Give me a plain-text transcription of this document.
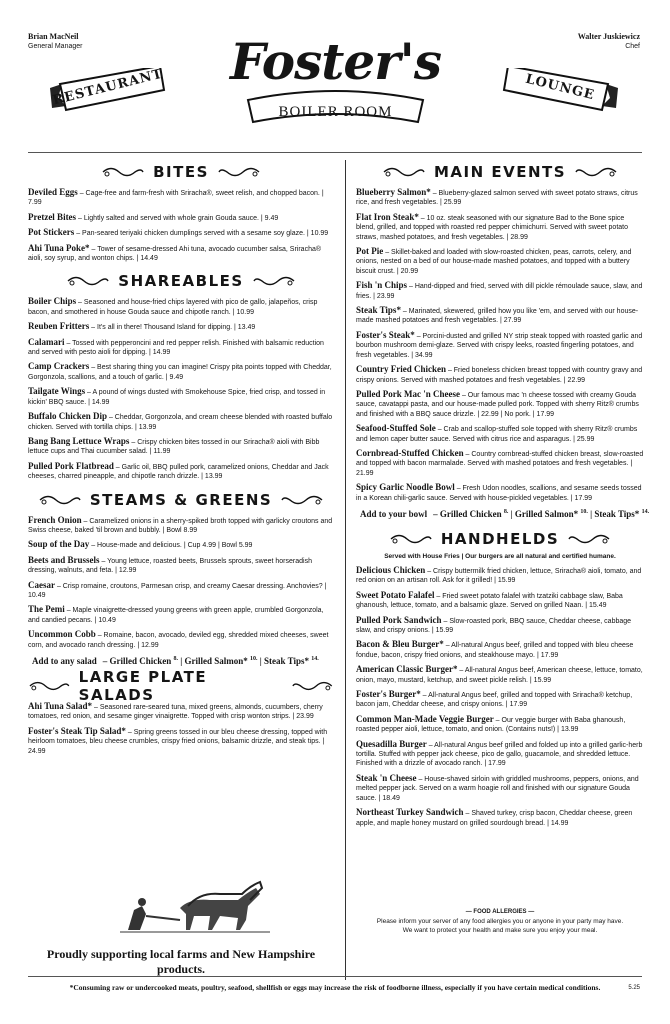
Brian MacNeil
General Manager
Walter Juskiewicz
Chef
RESTAURANT Foster's
BOILER ROOM
LOUNGE
BITES
Deviled Eggs – Cage-free and farm-fresh with Sriracha®, sweet relish, and chopped bacon. | 7.99
Pretzel Bites – Lightly salted and served with whole grain Gouda sauce. | 9.49
Pot Stickers – Pan-seared teriyaki chicken dumplings served with a sesame soy glaze. | 10.99
Ahi Tuna Poke* – Tower of sesame-dressed Ahi tuna, avocado cucumber salsa, Sriracha® aioli, soy syrup, and wonton chips. | 14.49
SHAREABLES
Boiler Chips – Seasoned and house-fried chips layered with pico de gallo, jalapeños, crisp bacon, and smothered in house Gouda sauce and chipotle ranch. | 10.99
Reuben Fritters – It's all in there! Thousand Island for dipping. | 13.49
Calamari – Tossed with pepperoncini and red pepper relish. Finished with balsamic reduction and served with pesto aioli for dipping. | 14.99
Camp Crackers – Best sharing thing you can imagine! Crispy pita points topped with Cheddar, Gorgonzola, scallions, and a touch of garlic. | 9.49
Tailgate Wings – A pound of wings dusted with Smokehouse Spice, fried crisp, and tossed in kickin' BBQ sauce. | 14.99
Buffalo Chicken Dip – Cheddar, Gorgonzola, and cream cheese blended with roasted buffalo chicken. Served with tortilla chips. | 13.99
Bang Bang Lettuce Wraps – Crispy chicken bites tossed in our Sriracha® aioli with Bibb lettuce cups and Thai cucumber salad. | 11.99
Pulled Pork Flatbread – Garlic oil, BBQ pulled pork, caramelized onions, Cheddar and Jack cheeses, charred pineapple, and chipotle ranch drizzle. | 13.99
STEAMS & GREENS
French Onion – Caramelized onions in a sherry-spiked broth topped with garlicky croutons and Swiss cheese, baked 'til brown and bubbly. | Bowl 8.99
Soup of the Day – House-made and delicious. | Cup 4.99 | Bowl 5.99
Beets and Brussels – Young lettuce, roasted beets, Brussels sprouts, sweet horseradish dressing, walnuts, and feta. | 12.99
Caesar – Crisp romaine, croutons, Parmesan crisp, and creamy Caesar dressing. Anchovies? | 10.49
The Pemi – Maple vinaigrette-dressed young greens with green apple, crumbled Gorgonzola, and candied pecans. | 10.49
Uncommon Cobb – Romaine, bacon, avocado, deviled egg, shredded mixed cheeses, sweet corn, and avocado ranch dressing. | 12.99
Add to any salad – Grilled Chicken $^{8.}$ | Grilled Salmon* $^{10.}$ | Steak Tips* $^{14.}$
LARGE PLATE SALADS
Ahi Tuna Salad* – Seasoned rare-seared tuna, mixed greens, almonds, cucumbers, cherry tomatoes, red onion, and sesame ginger vinaigrette. Topped with crisp wonton strips. | 23.99
Foster's Steak Tip Salad* – Spring greens tossed in our bleu cheese dressing, topped with heirloom tomatoes, bleu cheese crumbles, crispy fried onions, balsamic drizzle, and steak tips. | 24.99
Proudly supporting local farms and New Hampshire products.
MAIN EVENTS
Blueberry Salmon* – Blueberry-glazed salmon served with sweet potato straws, citrus rice, and fresh vegetables. | 25.99
Flat Iron Steak* – 10 oz. steak seasoned with our signature Bad to the Bone spice blend, grilled, and topped with roasted red pepper chimichurri. Served with sweet potato straws, mashed potatoes, and fresh vegetables. | 28.99
Pot Pie – Skillet-baked and loaded with slow-roasted chicken, peas, carrots, celery, and onions, nested on a bed of our house-made mashed potatoes, and topped with a buttery biscuit crust. | 20.99
Fish 'n Chips – Hand-dipped and fried, served with dill pickle rémoulade sauce, slaw, and fries. | 23.99
Steak Tips* – Marinated, skewered, grilled how you like 'em, and served with our house-made mashed potatoes and fresh vegetables. | 27.99
Foster's Steak* – Porcini-dusted and grilled NY strip steak topped with roasted garlic and bourbon mushroom demi-glaze. Served with crispy leeks, roasted fingerling potatoes, and fresh vegetables. | 34.99
Country Fried Chicken – Fried boneless chicken breast topped with country gravy and crispy onions. Served with mashed potatoes and fresh vegetables. | 22.99
Pulled Pork Mac 'n Cheese – Our famous mac 'n cheese tossed with creamy Gouda sauce, cavatappi pasta, and our house-made pulled pork. Topped with sherry Ritz® crumbs and finished with a BBQ sauce drizzle. | 22.99 | No pork. | 17.99
Seafood-Stuffed Sole – Crab and scallop-stuffed sole topped with sherry Ritz® crumbs and lemon caper butter sauce. Served with citrus rice and asparagus. | 25.99
Cornbread-Stuffed Chicken – Country cornbread-stuffed chicken breast, slow-roasted and topped with bacon marmalade. Served with mashed potatoes and fresh vegetables. | 21.99
Spicy Garlic Noodle Bowl – Fresh Udon noodles, scallions, and sesame seeds tossed in a Korean chili-garlic sauce. Served with house-pickled vegetables. | 17.99
Add to your bowl – Grilled Chicken $^{8.}$ | Grilled Salmon* $^{10.}$ | Steak Tips* $^{14.}$
HANDHELDS
Served with House Fries | Our burgers are all natural and certified humane.
Delicious Chicken – Crispy buttermilk fried chicken, lettuce, Sriracha® aioli, tomato, and red onion on an artisan roll. Ask for it grilled! | 15.99
Sweet Potato Falafel – Fried sweet potato falafel with tzatziki cabbage slaw, Baba ghanoush, lettuce, tomato, and a balsamic glaze. Served on grilled Naan. | 15.49
Pulled Pork Sandwich – Slow-roasted pork, BBQ sauce, Cheddar cheese, cabbage slaw, and crispy onions. | 15.99
Bacon & Bleu Burger* – All-natural Angus beef, grilled and topped with bleu cheese fondue, bacon, crispy fried onions, and steakhouse mayo. | 17.99
American Classic Burger* – All-natural Angus beef, American cheese, lettuce, tomato, onion, mayo, mustard, ketchup, and sweet pickle relish. | 15.99
Foster's Burger* – All-natural Angus beef, grilled and topped with Sriracha® ketchup, bacon jam, Cheddar cheese, and crispy onions. | 17.99
Common Man-Made Veggie Burger – Our veggie burger with Baba ghanoush, roasted pepper aioli, lettuce, tomato, and onion. (Contains nuts!) | 13.99
Quesadilla Burger – All-natural Angus beef grilled and folded up into a grilled garlic-herb tortilla. Stuffed with pepper jack cheese, pico de gallo, guacamole, and shredded lettuce. Finished with a drizzle of avocado ranch. | 17.99
Steak 'n Cheese – House-shaved sirloin with griddled mushrooms, peppers, onions, and melted pepper jack. Served on a warm hoagie roll and finished with our signature Gouda sauce. | 18.49
Northeast Turkey Sandwich – Shaved turkey, crisp bacon, Cheddar cheese, green apple, and maple honey mustard on grilled sourdough bread. | 14.99
— FOOD ALLERGIES —
Please inform your server of any food allergies you or anyone in your party may have.
We want to protect your health and make sure you enjoy your meal.
*Consuming raw or undercooked meats, poultry, seafood, shellfish or eggs may increase the risk of foodborne illness, especially if you have certain medical conditions.	5.25
